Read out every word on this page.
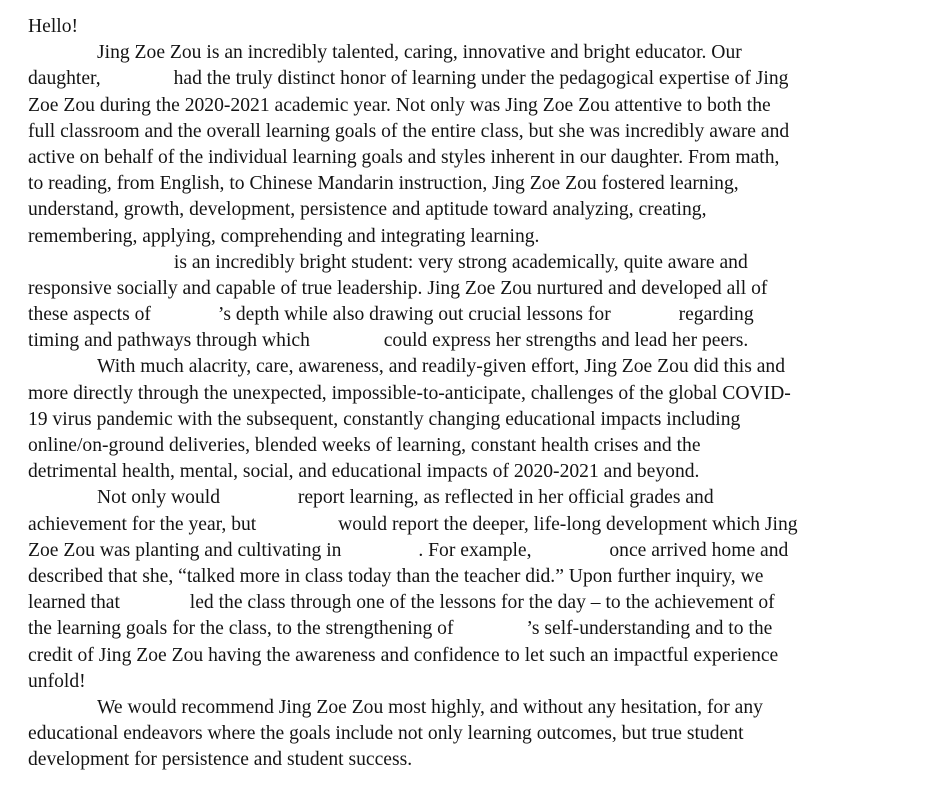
Hello!
Jing Zoe Zou is an incredibly talented, caring, innovative and bright educator. Our
daughter,	had the truly distinct honor of learning under the pedagogical expertise of Jing
Zoe Zou during the 2020-2021 academic year. Not only was Jing Zoe Zou attentive to both the
full classroom and the overall learning goals of the entire class, but she was incredibly aware and
active on behalf of the individual learning goals and styles inherent in our daughter. From math,
to reading, from English, to Chinese Mandarin instruction, Jing Zoe Zou fostered learning,
understand, growth, development, persistence and aptitude toward analyzing, creating,
remembering, applying, comprehending and integrating learning.
is an incredibly bright student: very strong academically, quite aware and
responsive socially and capable of true leadership. Jing Zoe Zou nurtured and developed all of
these aspects of	’s depth while also drawing out crucial lessons for	regarding
timing and pathways through which	could express her strengths and lead her peers.
With much alacrity, care, awareness, and readily-given effort, Jing Zoe Zou did this and
more directly through the unexpected, impossible-to-anticipate, challenges of the global COVID-
19 virus pandemic with the subsequent, constantly changing educational impacts including
online/on-ground deliveries, blended weeks of learning, constant health crises and the
detrimental health, mental, social, and educational impacts of 2020-2021 and beyond.
Not only would	report learning, as reflected in her official grades and
achievement for the year, but	would report the deeper, life-long development which Jing
Zoe Zou was planting and cultivating in	. For example,	once arrived home and
described that she, “talked more in class today than the teacher did.” Upon further inquiry, we
learned that	led the class through one of the lessons for the day – to the achievement of
the learning goals for the class, to the strengthening of	’s self-understanding and to the
credit of Jing Zoe Zou having the awareness and confidence to let such an impactful experience
unfold!
We would recommend Jing Zoe Zou most highly, and without any hesitation, for any
educational endeavors where the goals include not only learning outcomes, but true student
development for persistence and student success.
